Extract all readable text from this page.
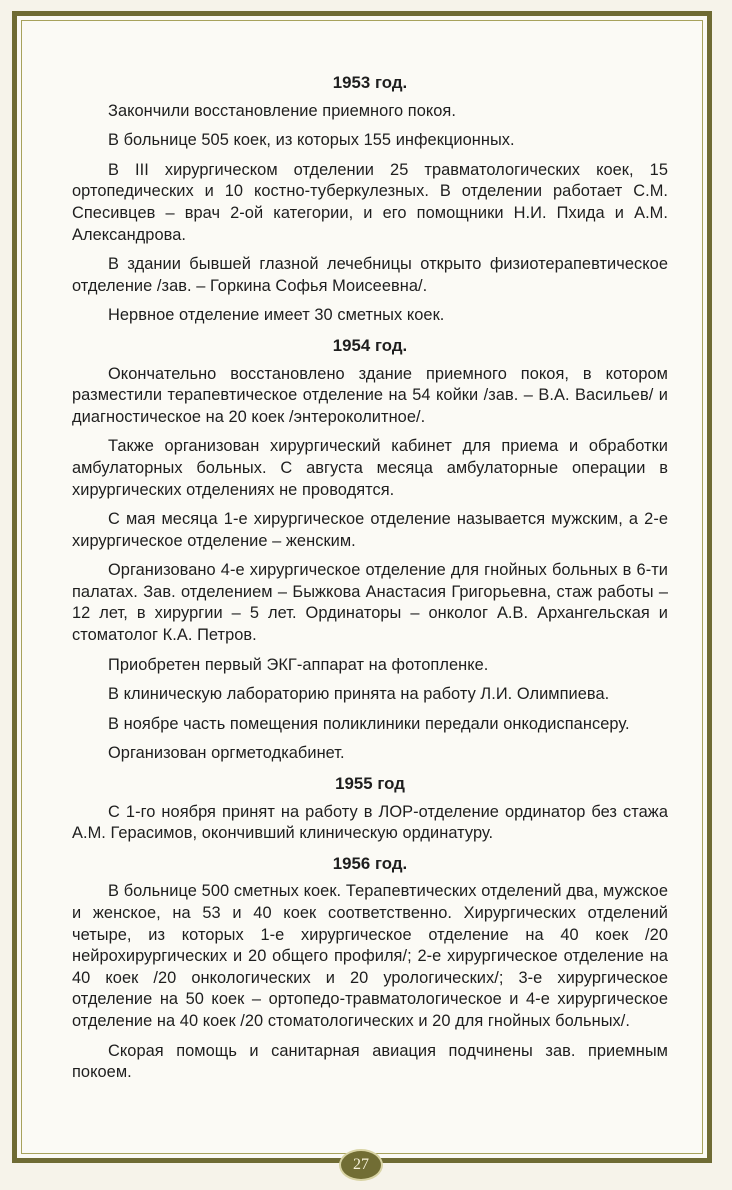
1953 год.

Закончили восстановление приемного покоя.

В больнице 505 коек, из которых 155 инфекционных.

В III хирургическом отделении 25 травматологических коек, 15 ортопедических и 10 костно-туберкулезных. В отделении работает С.М. Спесивцев – врач 2-ой категории, и его помощники Н.И. Пхида и А.М. Александрова.

В здании бывшей глазной лечебницы открыто физиотерапевтическое отделение /зав. – Горкина Софья Моисеевна/.

Нервное отделение имеет 30 сметных коек.

1954 год.

Окончательно восстановлено здание приемного покоя, в котором разместили терапевтическое отделение на 54 койки /зав. – В.А. Васильев/ и диагностическое на 20 коек /энтероколитное/.

Также организован хирургический кабинет для приема и обработки амбулаторных больных. С августа месяца амбулаторные операции в хирургических отделениях не проводятся.

С мая месяца 1-е хирургическое отделение называется мужским, а 2-е хирургическое отделение – женским.

Организовано 4-е хирургическое отделение для гнойных больных в 6-ти палатах. Зав. отделением – Быжкова Анастасия Григорьевна, стаж работы – 12 лет, в хирургии – 5 лет. Ординаторы – онколог А.В. Архангельская и стоматолог К.А. Петров.

Приобретен первый ЭКГ-аппарат на фотопленке.

В клиническую лабораторию принята на работу Л.И. Олимпиева.

В ноябре часть помещения поликлиники передали онкодиспансеру.

Организован оргметодкабинет.

1955 год

С 1-го ноября принят на работу в ЛОР-отделение ординатор без стажа А.М. Герасимов, окончивший клиническую ординатуру.

1956 год.

В больнице 500 сметных коек. Терапевтических отделений два, мужское и женское, на 53 и 40 коек соответственно. Хирургических отделений четыре, из которых 1-е хирургическое отделение на 40 коек /20 нейрохирургических и 20 общего профиля/; 2-е хирургическое отделение на 40 коек /20 онкологических и 20 урологических/; 3-е хирургическое отделение на 50 коек – ортопедо-травматологическое и 4-е хирургическое отделение на 40 коек /20 стоматологических и 20 для гнойных больных/.

Скорая помощь и санитарная авиация подчинены зав. приемным покоем.

27
